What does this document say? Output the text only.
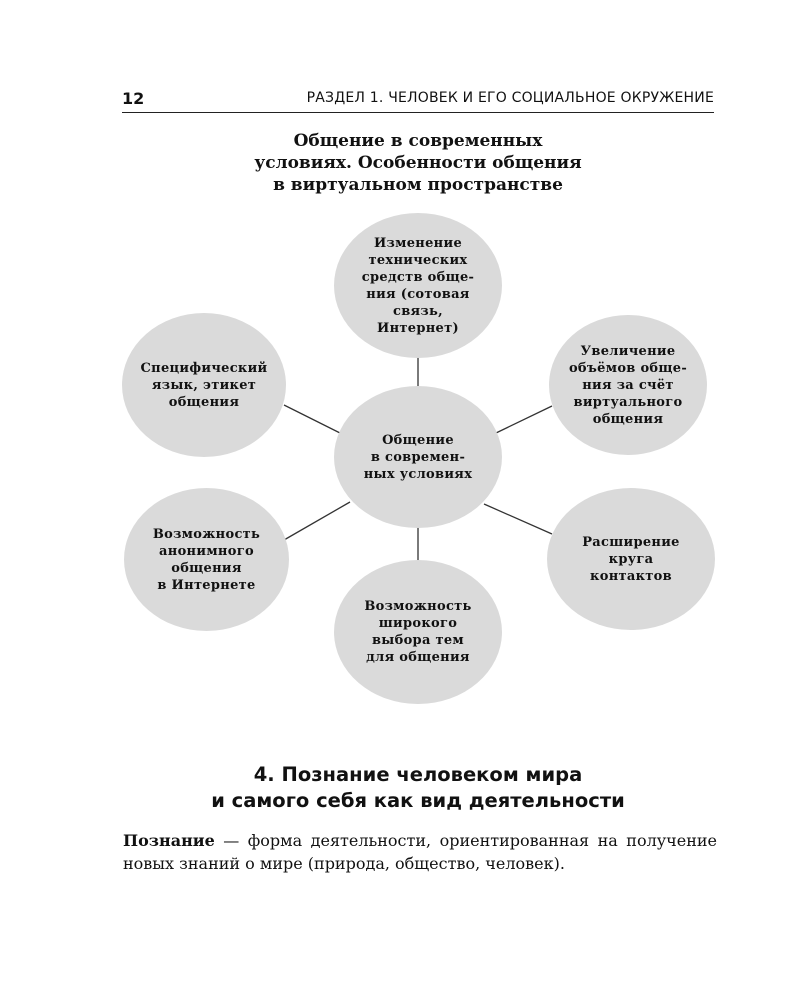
12	РАЗДЕЛ 1. ЧЕЛОВЕК И ЕГО СОЦИАЛЬНОЕ ОКРУЖЕНИЕ
Общение в современных
условиях. Особенности общения
в виртуальном пространстве
Общение
в современ-
ных условиях
Изменение
технических
средств обще-
ния (сотовая
связь,
Интернет)
Увеличение
объёмов обще-
ния за счёт
виртуального
общения
Расширение
круга
контактов
Возможность
широкого
выбора тем
для общения
Возможность
анонимного
общения
в Интернете
Специфический
язык, этикет
общения
4. Познание человеком мира
и самого себя как вид деятельности

Познание — форма деятельности, ориентированная на получение новых знаний о мире (природа, общество, человек).
